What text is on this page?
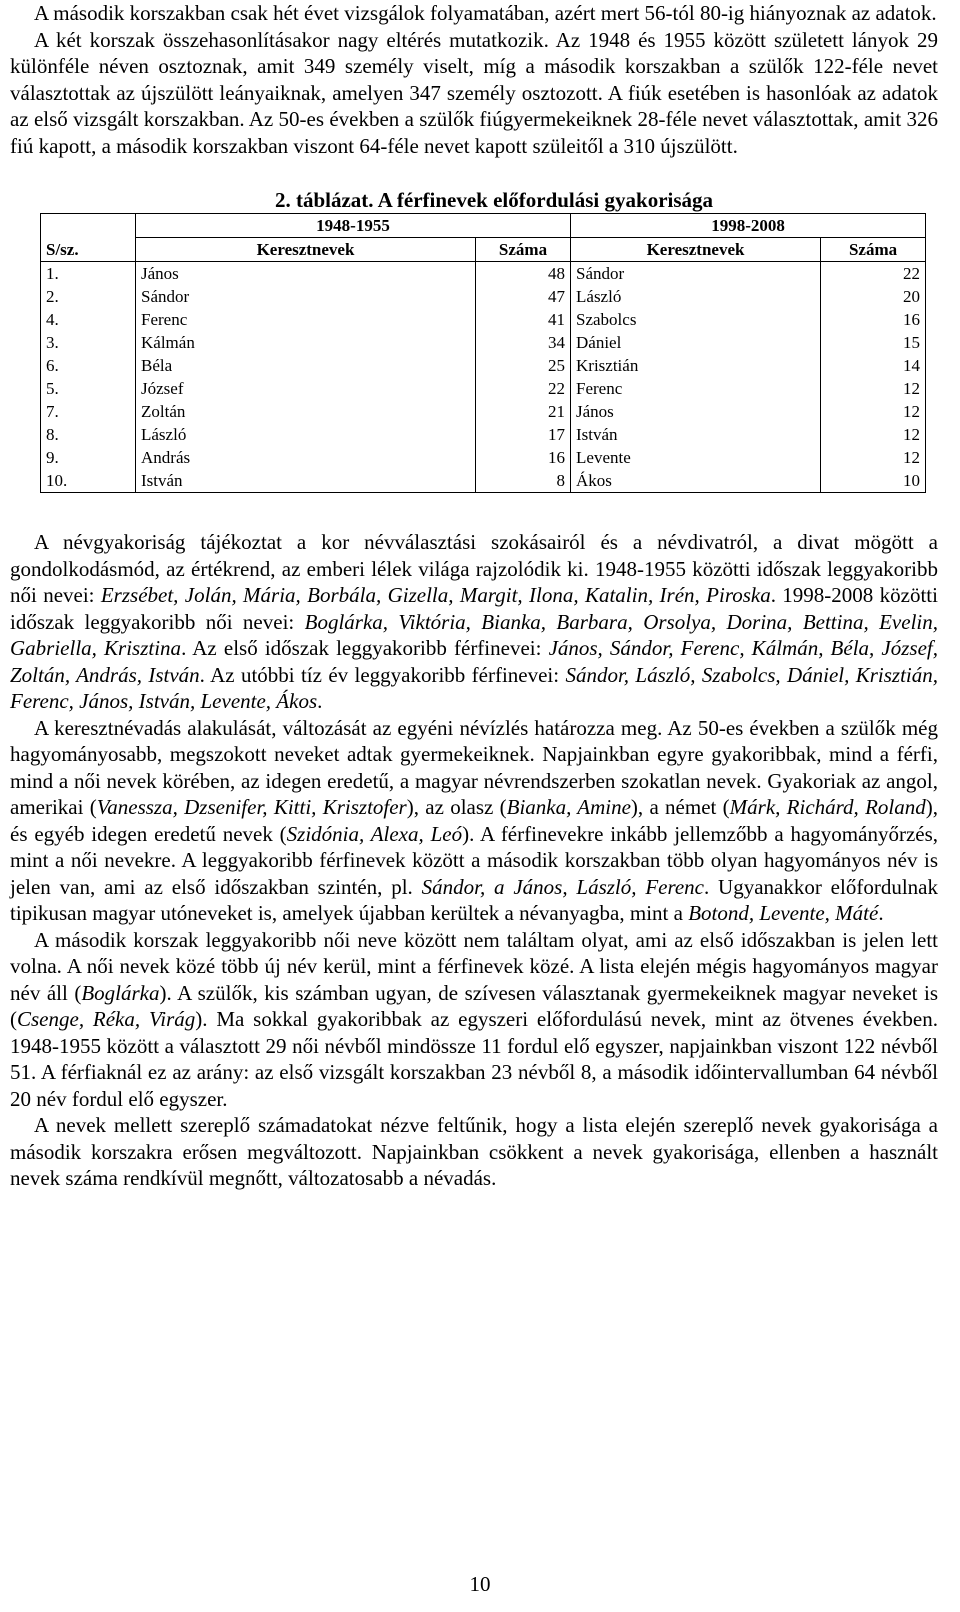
A második korszakban csak hét évet vizsgálok folyamatában, azért mert 56-tól 80-ig hiányoznak az adatok.

A két korszak összehasonlításakor nagy eltérés mutatkozik. Az 1948 és 1955 között született lányok 29 különféle néven osztoznak, amit 349 személy viselt, míg a második korszakban a szülők 122-féle nevet választottak az újszülött leányaiknak, amelyen 347 személy osztozott. A fiúk esetében is hasonlóak az adatok az első vizsgált korszakban. Az 50-es években a szülők fiúgyermekeiknek 28-féle nevet választottak, amit 326 fiú kapott, a második korszakban viszont 64-féle nevet kapott szüleitől a 310 újszülött.

2. táblázat. A férfinevek előfordulási gyakorisága

	1948-1955		1998-2008	
S/sz.	Keresztnevek	Száma	Keresztnevek	Száma
1.	János	48	Sándor	22
2.	Sándor	47	László	20
4.	Ferenc	41	Szabolcs	16
3.	Kálmán	34	Dániel	15
6.	Béla	25	Krisztián	14
5.	József	22	Ferenc	12
7.	Zoltán	21	János	12
8.	László	17	István	12
9.	András	16	Levente	12
10.	István	8	Ákos	10

A névgyakoriság tájékoztat a kor névválasztási szokásairól és a névdivatról, a divat mögött a gondolkodásmód, az értékrend, az emberi lélek világa rajzolódik ki. 1948-1955 közötti időszak leggyakoribb női nevei: Erzsébet, Jolán, Mária, Borbála, Gizella, Margit, Ilona, Katalin, Irén, Piroska. 1998-2008 közötti időszak leggyakoribb női nevei: Boglárka, Viktória, Bianka, Barbara, Orsolya, Dorina, Bettina, Evelin, Gabriella, Krisztina. Az első időszak leggyakoribb férfinevei: János, Sándor, Ferenc, Kálmán, Béla, József, Zoltán, András, István. Az utóbbi tíz év leggyakoribb férfinevei: Sándor, László, Szabolcs, Dániel, Krisztián, Ferenc, János, István, Levente, Ákos.

A keresztnévadás alakulását, változását az egyéni névízlés határozza meg. Az 50-es években a szülők még hagyományosabb, megszokott neveket adtak gyermekeiknek. Napjainkban egyre gyakoribbak, mind a férfi, mind a női nevek körében, az idegen eredetű, a magyar névrendszerben szokatlan nevek. Gyakoriak az angol, amerikai (Vanessza, Dzsenifer, Kitti, Krisztofer), az olasz (Bianka, Amine), a német (Márk, Richárd, Roland), és egyéb idegen eredetű nevek (Szidónia, Alexa, Leó). A férfinevekre inkább jellemzőbb a hagyományőrzés, mint a női nevekre. A leggyakoribb férfinevek között a második korszakban több olyan hagyományos név is jelen van, ami az első időszakban szintén, pl. Sándor, a János, László, Ferenc. Ugyanakkor előfordulnak tipikusan magyar utóneveket is, amelyek újabban kerültek a névanyagba, mint a Botond, Levente, Máté.

A második korszak leggyakoribb női neve között nem találtam olyat, ami az első időszakban is jelen lett volna. A női nevek közé több új név kerül, mint a férfinevek közé. A lista elején mégis hagyományos magyar név áll (Boglárka). A szülők, kis számban ugyan, de szívesen választanak gyermekeiknek magyar neveket is (Csenge, Réka, Virág). Ma sokkal gyakoribbak az egyszeri előfordulású nevek, mint az ötvenes években. 1948-1955 között a választott 29 női névből mindössze 11 fordul elő egyszer, napjainkban viszont 122 névből 51. A férfiaknál ez az arány: az első vizsgált korszakban 23 névből 8, a második időintervallumban 64 névből 20 név fordul elő egyszer.

A nevek mellett szereplő számadatokat nézve feltűnik, hogy a lista elején szereplő nevek gyakorisága a második korszakra erősen megváltozott. Napjainkban csökkent a nevek gyakorisága, ellenben a használt nevek száma rendkívül megnőtt, változatosabb a névadás.

10
